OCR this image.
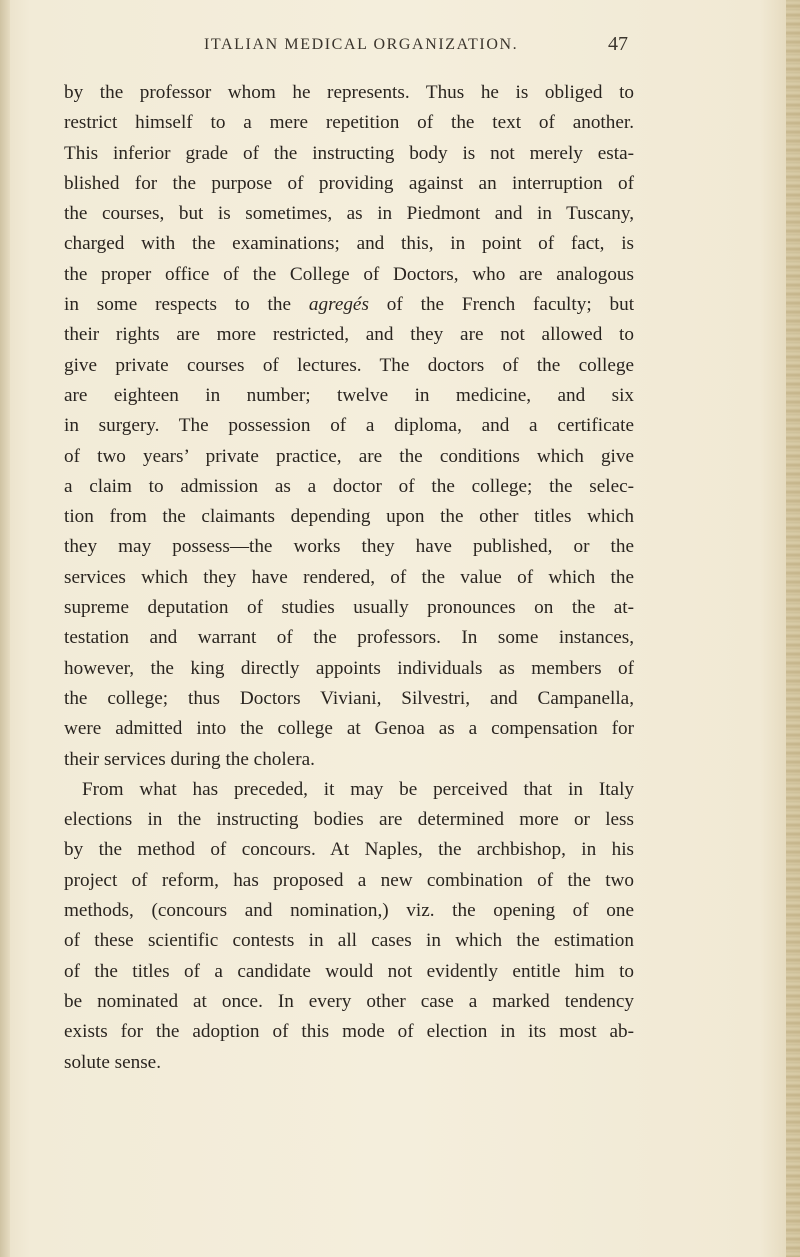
ITALIAN MEDICAL ORGANIZATION.	47
by the professor whom he represents. Thus he is obliged to
restrict himself to a mere repetition of the text of another.
This inferior grade of the instructing body is not merely esta-
blished for the purpose of providing against an interruption of
the courses, but is sometimes, as in Piedmont and in Tuscany,
charged with the examinations; and this, in point of fact, is
the proper office of the College of Doctors, who are analogous
in some respects to the agregés of the French faculty; but
their rights are more restricted, and they are not allowed to
give private courses of lectures. The doctors of the college
are eighteen in number; twelve in medicine, and six
in surgery. The possession of a diploma, and a certificate
of two years’ private practice, are the conditions which give
a claim to admission as a doctor of the college; the selec-
tion from the claimants depending upon the other titles which
they may possess—the works they have published, or the
services which they have rendered, of the value of which the
supreme deputation of studies usually pronounces on the at-
testation and warrant of the professors. In some instances,
however, the king directly appoints individuals as members of
the college; thus Doctors Viviani, Silvestri, and Campanella,
were admitted into the college at Genoa as a compensation for
their services during the cholera.
From what has preceded, it may be perceived that in Italy
elections in the instructing bodies are determined more or less
by the method of concours. At Naples, the archbishop, in his
project of reform, has proposed a new combination of the two
methods, (concours and nomination,) viz. the opening of one
of these scientific contests in all cases in which the estimation
of the titles of a candidate would not evidently entitle him to
be nominated at once. In every other case a marked tendency
exists for the adoption of this mode of election in its most ab-
solute sense.
